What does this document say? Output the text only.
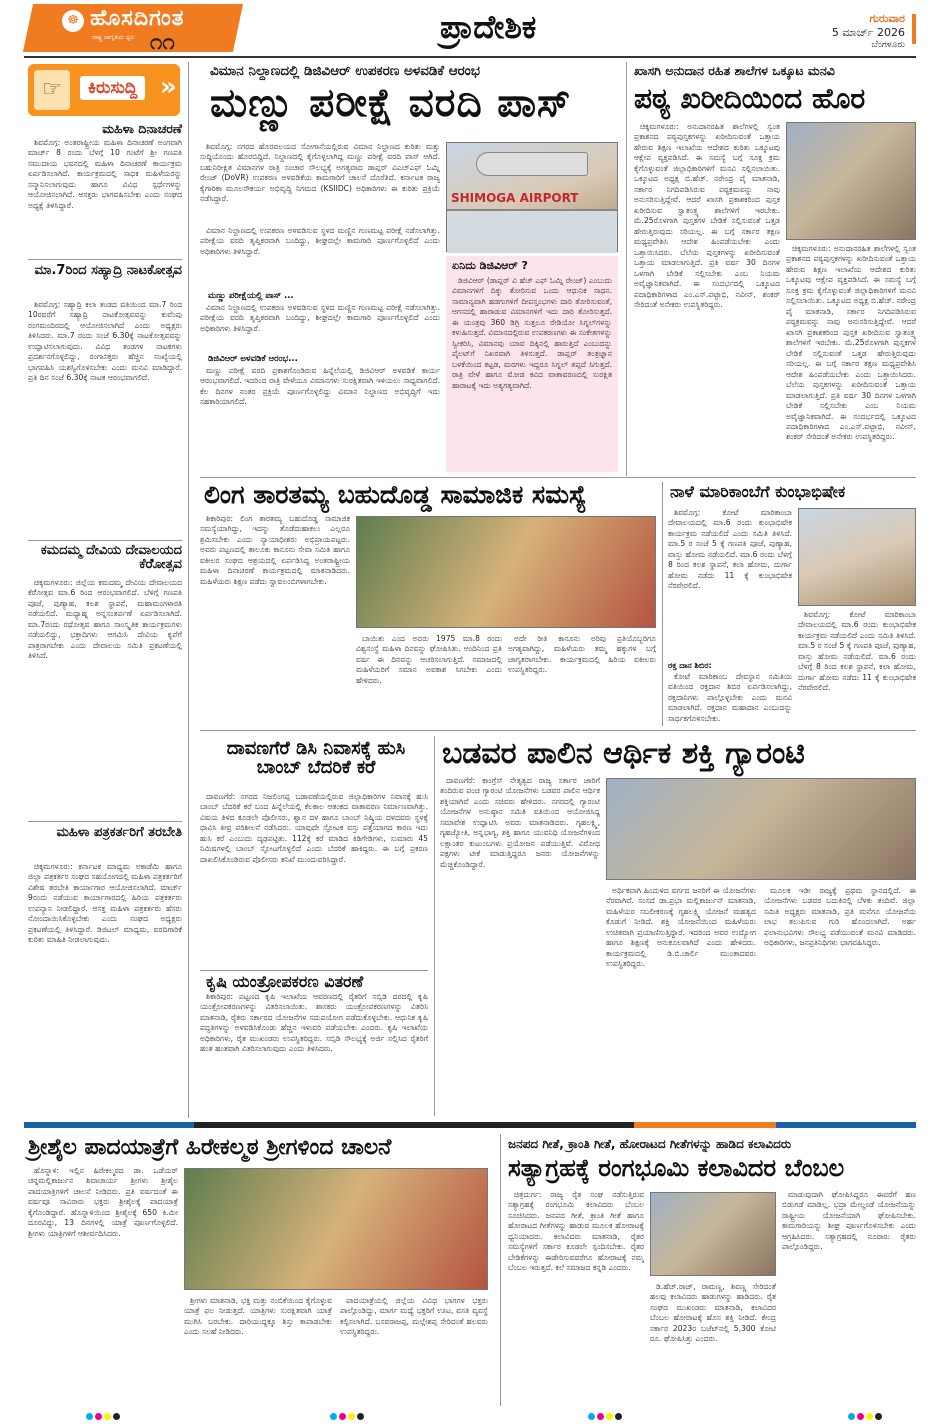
☸ ಹೊಸದಿಗಂತ
ರಾಷ್ಟ್ರ ಜಾಗೃತಿಯ ಧ್ವನಿ ೧೧	ಪ್ರಾದೇಶಿಕ	ಗುರುವಾರ
5 ಮಾರ್ಚ್ 2026
ಬೆಂಗಳೂರು
☞	ಕಿರುಸುದ್ದಿ »
ಮಹಿಳಾ ದಿನಾಚರಣೆ

ಶಿವಮೊಗ್ಗ: ಅಂತರಾಷ್ಟ್ರೀಯ ಮಹಿಳಾ ದಿನಾಚರಣೆ ಅಂಗವಾಗಿ ಮಾರ್ಚ್ 8 ರಂದು ಬೆಳಗ್ಗೆ 10 ಗಂಟೆಗೆ ಶ್ರೀ ಗಣಪತಿ ಸಮುದಾಯ ಭವನದಲ್ಲಿ ಮಹಿಳಾ ದಿನಾಚರಣೆ ಕಾರ್ಯಕ್ರಮ ಏರ್ಪಡಿಸಲಾಗಿದೆ. ಕಾರ್ಯಕ್ರಮದಲ್ಲಿ ಸಾಧಕ ಮಹಿಳೆಯರನ್ನು ಸನ್ಮಾನಿಸಲಾಗುವುದು ಹಾಗೂ ವಿವಿಧ ಸ್ಪರ್ಧೆಗಳನ್ನು ಆಯೋಜಿಸಲಾಗಿದೆ. ಆಸಕ್ತರು ಭಾಗವಹಿಸಬೇಕು ಎಂದು ಸಂಘದ ಅಧ್ಯಕ್ಷೆ ತಿಳಿಸಿದ್ದಾರೆ.

ಮಾ.7ರಿಂದ ಸಹ್ಯಾದ್ರಿ ನಾಟಕೋತ್ಸವ

ಶಿವಮೊಗ್ಗ: ಸಹ್ಯಾದ್ರಿ ಕಲಾ ತಂಡದ ವತಿಯಿಂದ ಮಾ.7 ರಿಂದ 10ರವರೆಗೆ ಸಹ್ಯಾದ್ರಿ ನಾಟಕೋತ್ಸವವನ್ನು ಕುವೆಂಪು ರಂಗಮಂದಿರದಲ್ಲಿ ಆಯೋಜಿಸಲಾಗಿದೆ ಎಂದು ಅಧ್ಯಕ್ಷರು ತಿಳಿಸಿದರು. ಮಾ.7 ರಂದು ಸಂಜೆ 6.30ಕ್ಕೆ ನಾಟಕೋತ್ಸವವನ್ನು ಉದ್ಘಾಟಿಸಲಾಗುವುದು. ವಿವಿಧ ತಂಡಗಳ ನಾಟಕಗಳು ಪ್ರದರ್ಶನಗೊಳ್ಳಲಿದ್ದು, ರಂಗಾಸಕ್ತರು ಹೆಚ್ಚಿನ ಸಂಖ್ಯೆಯಲ್ಲಿ ಭಾಗವಹಿಸಿ ಯಶಸ್ವಿಗೊಳಿಸಬೇಕು ಎಂದು ಮನವಿ ಮಾಡಿದ್ದಾರೆ. ಪ್ರತಿ ದಿನ ಸಂಜೆ 6.30ಕ್ಕೆ ನಾಟಕ ಆರಂಭವಾಗಲಿದೆ.

ಕಮದಮ್ಮ ದೇವಿಯ ದೇವಾಲಯದ ಕೆರೆೋತ್ಸವ

ಚಿಕ್ಕಮಗಳೂರು: ಜಿಲ್ಲೆಯ ಕಮದಮ್ಮ ದೇವಿಯ ದೇವಾಲಯದ ಕೆರೆೋತ್ಸವ ಮಾ.6 ರಿಂದ ಆರಂಭವಾಗಲಿದೆ. ಬೆಳಿಗ್ಗೆ ಗಣಪತಿ ಪೂಜೆ, ಪುಣ್ಯಾಹ, ಕಲಶ ಸ್ಥಾಪನೆ, ಮಹಾಮಂಗಳಾರತಿ ನಡೆಯಲಿದೆ. ಮಧ್ಯಾಹ್ನ ಅನ್ನಸಂತರ್ಪಣೆ ಏರ್ಪಡಿಸಲಾಗಿದೆ. ಮಾ.7ರಂದು ರಥೋತ್ಸವ ಹಾಗೂ ಸಾಂಸ್ಕೃತಿಕ ಕಾರ್ಯಕ್ರಮಗಳು ನಡೆಯಲಿದ್ದು, ಭಕ್ತಾದಿಗಳು ಆಗಮಿಸಿ ದೇವಿಯ ಕೃಪೆಗೆ ಪಾತ್ರರಾಗಬೇಕು ಎಂದು ದೇವಾಲಯ ಸಮಿತಿ ಪ್ರಕಟಣೆಯಲ್ಲಿ ತಿಳಿಸಿದೆ.

ಮಹಿಳಾ ಪತ್ರಕರ್ತರಿಗೆ ತರಬೇತಿ

ಚಿಕ್ಕಮಗಳೂರು: ಕರ್ನಾಟಕ ಮಾಧ್ಯಮ ಅಕಾಡೆಮಿ ಹಾಗೂ ಜಿಲ್ಲಾ ಪತ್ರಕರ್ತರ ಸಂಘದ ಸಹಯೋಗದಲ್ಲಿ ಮಹಿಳಾ ಪತ್ರಕರ್ತರಿಗೆ ವಿಶೇಷ ತರಬೇತಿ ಕಾರ್ಯಾಗಾರ ಆಯೋಜಿಸಲಾಗಿದೆ. ಮಾರ್ಚ್ 9ರಂದು ನಡೆಯುವ ಕಾರ್ಯಾಗಾರದಲ್ಲಿ ಹಿರಿಯ ಪತ್ರಕರ್ತರು ಉಪನ್ಯಾಸ ನೀಡಲಿದ್ದಾರೆ. ಆಸಕ್ತ ಮಹಿಳಾ ಪತ್ರಕರ್ತರು ಹೆಸರು ನೋಂದಾಯಿಸಿಕೊಳ್ಳಬೇಕು ಎಂದು ಸಂಘದ ಅಧ್ಯಕ್ಷರು ಪ್ರಕಟಣೆಯಲ್ಲಿ ತಿಳಿಸಿದ್ದಾರೆ. ಡಿಜಿಟಲ್ ಮಾಧ್ಯಮ, ವರದಿಗಾರಿಕೆ ಕುರಿತು ಮಾಹಿತಿ ನೀಡಲಾಗುವುದು.

ವಿಮಾನ ನಿಲ್ದಾಣದಲ್ಲಿ ಡಿಜಿವಿಆರ್ ಉಪಕರಣ ಅಳವಡಿಕೆ ಆರಂಭ
ಮಣ್ಣು ಪರೀಕ್ಷೆ ವರದಿ ಪಾಸ್

ಶಿವಮೊಗ್ಗ: ನಗರದ ಹೊರವಲಯದ ಸೋಗಾನೆಯಲ್ಲಿರುವ ವಿಮಾನ ನಿಲ್ದಾಣದ ಕುರಿತು ಮತ್ತು ಸುದ್ದಿಯೊಂದು ಹೊರಬಿದ್ದಿದೆ. ನಿಲ್ದಾಣದಲ್ಲಿ ಕೈಗೊಳ್ಳಲಾಗಿದ್ದ ಮಣ್ಣು ಪರೀಕ್ಷೆ ವರದಿ ಪಾಸ್ ಆಗಿದೆ. ಬಹುನಿರೀಕ್ಷಿತ ವಿಮಾನಗಳ ರಾತ್ರಿ ಸಂಚಾರ ಸೌಲಭ್ಯಕ್ಕೆ ಅಗತ್ಯವಾದ ಡಾಪ್ಲರ್ ವಿಎಚ್ಎಫ್ ಓಮ್ನಿ ರೇಂಜ್ (DoVR) ಉಪಕರಣ ಅಳವಡಿಕೆಯ ಕಾಮಗಾರಿಗೆ ಚಾಲನೆ ದೊರೆತಿದೆ. ಕರ್ನಾಟಕ ರಾಜ್ಯ ಕೈಗಾರಿಕಾ ಮೂಲಸೌಕರ್ಯ ಅಭಿವೃದ್ಧಿ ನಿಗಮದ (KSIIDC) ಅಧಿಕಾರಿಗಳು ಈ ಕುರಿತು ಪ್ರಕ್ರಿಯೆ ನಡೆಸಿದ್ದಾರೆ.	SHIMOGA AIRPORT

ವಿಮಾನ ನಿಲ್ದಾಣದಲ್ಲಿ ಉಪಕರಣ ಅಳವಡಿಸುವ ಸ್ಥಳದ ಮಣ್ಣಿನ ಗುಣಮಟ್ಟ ಪರೀಕ್ಷೆ ನಡೆಸಲಾಗಿತ್ತು. ಪರೀಕ್ಷೆಯ ವರದಿ ತೃಪ್ತಿಕರವಾಗಿ ಬಂದಿದ್ದು, ಶೀಘ್ರದಲ್ಲೇ ಕಾಮಗಾರಿ ಪೂರ್ಣಗೊಳ್ಳಲಿದೆ ಎಂದು ಅಧಿಕಾರಿಗಳು ತಿಳಿಸಿದ್ದಾರೆ.

ಮಣ್ಣು ಪರೀಕ್ಷೆಯಲ್ಲಿ ಪಾಸ್ ...

ವಿಮಾನ ನಿಲ್ದಾಣದಲ್ಲಿ ಉಪಕರಣ ಅಳವಡಿಸುವ ಸ್ಥಳದ ಮಣ್ಣಿನ ಗುಣಮಟ್ಟ ಪರೀಕ್ಷೆ ನಡೆಸಲಾಗಿತ್ತು. ಪರೀಕ್ಷೆಯ ವರದಿ ತೃಪ್ತಿಕರವಾಗಿ ಬಂದಿದ್ದು, ಶೀಘ್ರದಲ್ಲೇ ಕಾಮಗಾರಿ ಪೂರ್ಣಗೊಳ್ಳಲಿದೆ ಎಂದು ಅಧಿಕಾರಿಗಳು ತಿಳಿಸಿದ್ದಾರೆ.

ಡಿಜಿವಿಆರ್ ಅಳವಡಿಕೆ ಆರಂಭ...

ಮಣ್ಣು ಪರೀಕ್ಷೆ ವರದಿ ಪ್ರಕಾಶಗೊಂಡಿರುವ ಹಿನ್ನೆಲೆಯಲ್ಲಿ ಡಿಜಿವಿಆರ್ ಅಳವಡಿಕೆ ಕಾರ್ಯ ಆರಂಭವಾಗಲಿದೆ. ಇದರಿಂದ ರಾತ್ರಿ ವೇಳೆಯೂ ವಿಮಾನಗಳು ಸುರಕ್ಷಿತವಾಗಿ ಇಳಿಯಲು ಸಾಧ್ಯವಾಗಲಿದೆ. ಕೆಲ ದಿನಗಳ ನಂತರ ಪ್ರಕ್ರಿಯೆ ಪೂರ್ಣಗೊಳ್ಳಲಿದ್ದು ವಿಮಾನ ನಿಲ್ದಾಣದ ಅಭಿವೃದ್ಧಿಗೆ ಇದು ಸಹಕಾರಿಯಾಗಲಿದೆ.

ಏನಿದು ಡಿಜಿವಿಆರ್ ?

ಡಿಜಿವಿಆರ್ (ಡಾಪ್ಲರ್ ವಿ ಹೆಚ್ ಎಫ್ ಓಮ್ನಿ ರೇಂಜ್) ಎಂಬುದು ವಿಮಾನಗಳಿಗೆ ದಿಕ್ಕು ತೋರಿಸುವ ಒಂದು ಆಧುನಿಕ ಸಾಧನ. ಸಾಮಾನ್ಯವಾಗಿ ಹಡಗುಗಳಿಗೆ ದೀಪಸ್ತಂಭಗಳು ದಾರಿ ತೋರಿಸುವಂತೆ, ಆಗಸದಲ್ಲಿ ಹಾರಾಡುವ ವಿಮಾನಗಳಿಗೆ ಇದು ದಾರಿ ತೋರಿಸುತ್ತದೆ. ಈ ಯಂತ್ರವು 360 ಡಿಗ್ರಿ ಸುತ್ತಲೂ ರೇಡಿಯೋ ಸಿಗ್ನಲ್‌ಗಳನ್ನು ಕಳುಹಿಸುತ್ತದೆ. ವಿಮಾನದಲ್ಲಿರುವ ಉಪಕರಣಗಳು ಈ ಸಂಕೇತಗಳನ್ನು ಸ್ವೀಕರಿಸಿ, ವಿಮಾನವು ಯಾವ ದಿಕ್ಕಿನಲ್ಲಿ ಹಾರುತ್ತಿದೆ ಎಂಬುದನ್ನು ಪೈಲಟ್‌ಗೆ ನಿಖರವಾಗಿ ತಿಳಿಸುತ್ತದೆ. ಡಾಪ್ಲರ್ ತಂತ್ರಜ್ಞಾನ ಬಳಕೆಯಿಂದ ಕಟ್ಟಡ, ಮರಗಳು ಇದ್ದರೂ ಸಿಗ್ನಲ್ ತಪ್ಪದೆ ಸಿಗುತ್ತದೆ. ರಾತ್ರಿ ವೇಳೆ ಹಾಗೂ ಮೋಡ ಕವಿದ ವಾತಾವರಣದಲ್ಲಿ ಸುರಕ್ಷಿತ ಹಾರಾಟಕ್ಕೆ ಇದು ಅತ್ಯಗತ್ಯವಾಗಿದೆ.

ಖಾಸಗಿ ಅನುದಾನ ರಹಿತ ಶಾಲೆಗಳ ಒಕ್ಕೂಟ ಮನವಿ
ಪಠ್ಯ ಖರೀದಿಯಿಂದ ಹೊರ

ಚಿಕ್ಕಮಗಳೂರು: ಅನುದಾನರಹಿತ ಶಾಲೆಗಳಲ್ಲಿ ಸ್ವಂತ ಪ್ರಕಾಶನದ ಪಠ್ಯಪುಸ್ತಕಗಳನ್ನು ಖರೀದಿಸುವಂತೆ ಒತ್ತಾಯ ಹೇರುವ ಶಿಕ್ಷಣ ಇಲಾಖೆಯ ಆದೇಶದ ಕುರಿತು ಒಕ್ಕೂಟವು ಆಕ್ಷೇಪ ವ್ಯಕ್ತಪಡಿಸಿದೆ. ಈ ಸಮಸ್ಯೆ ಬಗ್ಗೆ ಸೂಕ್ತ ಕ್ರಮ ಕೈಗೊಳ್ಳುವಂತೆ ಜಿಲ್ಲಾಧಿಕಾರಿಗಳಿಗೆ ಮನವಿ ಸಲ್ಲಿಸಲಾಯಿತು. ಒಕ್ಕೂಟದ ಅಧ್ಯಕ್ಷ ಬಿ.ಹೆಚ್. ನರೇಂದ್ರ ಪೈ ಮಾತನಾಡಿ, ಸರ್ಕಾರ ನಿಗದಿಪಡಿಸಿರುವ ಪಠ್ಯಕ್ರಮವನ್ನು ನಾವು ಅನುಸರಿಸುತ್ತಿದ್ದೇವೆ. ಆದರೆ ಖಾಸಗಿ ಪ್ರಕಾಶಕರಿಂದ ಪುಸ್ತಕ ಖರೀದಿಸುವ ಸ್ವಾತಂತ್ರ್ಯ ಶಾಲೆಗಳಿಗೆ ಇರಬೇಕು. ಮೆ.25ರೊಳಗಾಗಿ ಪುಸ್ತಕಗಳ ಬೇಡಿಕೆ ಸಲ್ಲಿಸುವಂತೆ ಒತ್ತಡ ಹೇರುತ್ತಿರುವುದು ಸರಿಯಲ್ಲ. ಈ ಬಗ್ಗೆ ಸರ್ಕಾರ ತಕ್ಷಣ ಮಧ್ಯಪ್ರವೇಶಿಸಿ ಆದೇಶ ಹಿಂಪಡೆಯಬೇಕು ಎಂದು ಒತ್ತಾಯಿಸಿದರು. ಬೆಲೆಯ ಪುಸ್ತಕಗಳನ್ನು ಖರೀದಿಸುವಂತೆ ಒತ್ತಾಯ ಮಾಡಲಾಗುತ್ತಿದೆ. ಪ್ರತಿ ವರ್ಷ 30 ದಿನಗಳ ಒಳಗಾಗಿ ಬೇಡಿಕೆ ಸಲ್ಲಿಸಬೇಕು ಎಂಬ ನಿಯಮ ಅವೈಜ್ಞಾನಿಕವಾಗಿದೆ. ಈ ಸಂದರ್ಭದಲ್ಲಿ ಒಕ್ಕೂಟದ ಪದಾಧಿಕಾರಿಗಳಾದ ಎಂ.ಎಸ್.ಪಟ್ಟಾಭಿ, ನವೀನ್, ಶಂಕರ್ ಸೇರಿದಂತೆ ಅನೇಕರು ಉಪಸ್ಥಿತರಿದ್ದರು.

ಚಿಕ್ಕಮಗಳೂರು: ಅನುದಾನರಹಿತ ಶಾಲೆಗಳಲ್ಲಿ ಸ್ವಂತ ಪ್ರಕಾಶನದ ಪಠ್ಯಪುಸ್ತಕಗಳನ್ನು ಖರೀದಿಸುವಂತೆ ಒತ್ತಾಯ ಹೇರುವ ಶಿಕ್ಷಣ ಇಲಾಖೆಯ ಆದೇಶದ ಕುರಿತು ಒಕ್ಕೂಟವು ಆಕ್ಷೇಪ ವ್ಯಕ್ತಪಡಿಸಿದೆ. ಈ ಸಮಸ್ಯೆ ಬಗ್ಗೆ ಸೂಕ್ತ ಕ್ರಮ ಕೈಗೊಳ್ಳುವಂತೆ ಜಿಲ್ಲಾಧಿಕಾರಿಗಳಿಗೆ ಮನವಿ ಸಲ್ಲಿಸಲಾಯಿತು. ಒಕ್ಕೂಟದ ಅಧ್ಯಕ್ಷ ಬಿ.ಹೆಚ್. ನರೇಂದ್ರ ಪೈ ಮಾತನಾಡಿ, ಸರ್ಕಾರ ನಿಗದಿಪಡಿಸಿರುವ ಪಠ್ಯಕ್ರಮವನ್ನು ನಾವು ಅನುಸರಿಸುತ್ತಿದ್ದೇವೆ. ಆದರೆ ಖಾಸಗಿ ಪ್ರಕಾಶಕರಿಂದ ಪುಸ್ತಕ ಖರೀದಿಸುವ ಸ್ವಾತಂತ್ರ್ಯ ಶಾಲೆಗಳಿಗೆ ಇರಬೇಕು. ಮೆ.25ರೊಳಗಾಗಿ ಪುಸ್ತಕಗಳ ಬೇಡಿಕೆ ಸಲ್ಲಿಸುವಂತೆ ಒತ್ತಡ ಹೇರುತ್ತಿರುವುದು ಸರಿಯಲ್ಲ. ಈ ಬಗ್ಗೆ ಸರ್ಕಾರ ತಕ್ಷಣ ಮಧ್ಯಪ್ರವೇಶಿಸಿ ಆದೇಶ ಹಿಂಪಡೆಯಬೇಕು ಎಂದು ಒತ್ತಾಯಿಸಿದರು. ಬೆಲೆಯ ಪುಸ್ತಕಗಳನ್ನು ಖರೀದಿಸುವಂತೆ ಒತ್ತಾಯ ಮಾಡಲಾಗುತ್ತಿದೆ. ಪ್ರತಿ ವರ್ಷ 30 ದಿನಗಳ ಒಳಗಾಗಿ ಬೇಡಿಕೆ ಸಲ್ಲಿಸಬೇಕು ಎಂಬ ನಿಯಮ ಅವೈಜ್ಞಾನಿಕವಾಗಿದೆ. ಈ ಸಂದರ್ಭದಲ್ಲಿ ಒಕ್ಕೂಟದ ಪದಾಧಿಕಾರಿಗಳಾದ ಎಂ.ಎಸ್.ಪಟ್ಟಾಭಿ, ನವೀನ್, ಶಂಕರ್ ಸೇರಿದಂತೆ ಅನೇಕರು ಉಪಸ್ಥಿತರಿದ್ದರು.

ಲಿಂಗ ತಾರತಮ್ಯ ಬಹುದೊಡ್ಡ ಸಾಮಾಜಿಕ ಸಮಸ್ಯೆ

ಶಿಕಾರಿಪುರ: ಲಿಂಗ ತಾರತಮ್ಯ ಬಹುದೊಡ್ಡ ಸಾಮಾಜಿಕ ಸಮಸ್ಯೆಯಾಗಿದ್ದು, ಇದನ್ನು ತೊಡೆದುಹಾಕಲು ಎಲ್ಲರೂ ಶ್ರಮಿಸಬೇಕು ಎಂದು ನ್ಯಾಯಾಧೀಶರು ಅಭಿಪ್ರಾಯಪಟ್ಟರು. ಅವರು ಪಟ್ಟಣದಲ್ಲಿ ತಾಲೂಕು ಕಾನೂನು ಸೇವಾ ಸಮಿತಿ ಹಾಗೂ ವಕೀಲರ ಸಂಘದ ಆಶ್ರಯದಲ್ಲಿ ಏರ್ಪಡಿಸಿದ್ದ ಅಂತರಾಷ್ಟ್ರೀಯ ಮಹಿಳಾ ದಿನಾಚರಣೆ ಕಾರ್ಯಕ್ರಮದಲ್ಲಿ ಮಾತನಾಡಿದರು. ಮಹಿಳೆಯರು ಶಿಕ್ಷಣ ಪಡೆದು ಸ್ವಾವಲಂಬಿಗಳಾಗಬೇಕು.

ಬಾಯಿತು ಎಂದ ಅವರು 1975 ಮಾ.8 ರಂದು ವಿಶ್ವಸಂಸ್ಥೆ ಮಹಿಳಾ ದಿನವನ್ನು ಘೋಷಿಸಿತು. ಅಂದಿನಿಂದ ಪ್ರತಿ ವರ್ಷ ಈ ದಿನವನ್ನು ಆಚರಿಸಲಾಗುತ್ತಿದೆ. ಸಮಾಜದಲ್ಲಿ ಮಹಿಳೆಯರಿಗೆ ಸಮಾನ ಅವಕಾಶ ಸಿಗಬೇಕು ಎಂದು ಹೇಳಿದರು.

ಅದೇ ರೀತಿ ಕಾನೂನು ಅರಿವು ಪ್ರತಿಯೊಬ್ಬರಿಗೂ ಅಗತ್ಯವಾಗಿದ್ದು, ಮಹಿಳೆಯರು ತಮ್ಮ ಹಕ್ಕುಗಳ ಬಗ್ಗೆ ಜಾಗೃತರಾಗಬೇಕು. ಕಾರ್ಯಕ್ರಮದಲ್ಲಿ ಹಿರಿಯ ವಕೀಲರು ಉಪಸ್ಥಿತರಿದ್ದರು.

ನಾಳೆ ಮಾರಿಕಾಂಬೆಗೆ ಕುಂಭಾಭಿಷೇಕ

ಶಿವಮೊಗ್ಗ: ಕೋಟೆ ಮಾರಿಕಾಂಬಾ ದೇವಾಲಯದಲ್ಲಿ ಮಾ.6 ರಂದು ಕುಂಭಾಭಿಷೇಕ ಕಾರ್ಯಕ್ರಮ ನಡೆಯಲಿದೆ ಎಂದು ಸಮಿತಿ ತಿಳಿಸಿದೆ. ಮಾ.5 ರ ಸಂಜೆ 5 ಕ್ಕೆ ಗಣಪತಿ ಪೂಜೆ, ಪುಣ್ಯಾಹ, ವಾಸ್ತು ಹೋಮ ನಡೆಯಲಿದೆ. ಮಾ.6 ರಂದು ಬೆಳಗ್ಗೆ 8 ರಿಂದ ಕಲಶ ಸ್ಥಾಪನೆ, ಕಲಾ ಹೋಮ, ದುರ್ಗಾ ಹೋಮ ನಡೆದು 11 ಕ್ಕೆ ಕುಂಭಾಭಿಷೇಕ ನೆರವೇರಲಿದೆ.

ಶಿವಮೊಗ್ಗ: ಕೋಟೆ ಮಾರಿಕಾಂಬಾ ದೇವಾಲಯದಲ್ಲಿ ಮಾ.6 ರಂದು ಕುಂಭಾಭಿಷೇಕ ಕಾರ್ಯಕ್ರಮ ನಡೆಯಲಿದೆ ಎಂದು ಸಮಿತಿ ತಿಳಿಸಿದೆ. ಮಾ.5 ರ ಸಂಜೆ 5 ಕ್ಕೆ ಗಣಪತಿ ಪೂಜೆ, ಪುಣ್ಯಾಹ, ವಾಸ್ತು ಹೋಮ ನಡೆಯಲಿದೆ. ಮಾ.6 ರಂದು ಬೆಳಗ್ಗೆ 8 ರಿಂದ ಕಲಶ ಸ್ಥಾಪನೆ, ಕಲಾ ಹೋಮ, ದುರ್ಗಾ ಹೋಮ ನಡೆದು 11 ಕ್ಕೆ ಕುಂಭಾಭಿಷೇಕ ನೆರವೇರಲಿದೆ.

ರಕ್ತ ದಾನ ಶಿಬಿರ:

ಕೋಟೆ ಮಾರಿಕಾಂಬ ದೇವಸ್ಥಾನ ಸಮಿತಿಯ ವತಿಯಿಂದ ರಕ್ತದಾನ ಶಿಬಿರ ಏರ್ಪಡಿಸಲಾಗಿದ್ದು, ರಕ್ತದಾನಿಗಳು ಪಾಲ್ಗೊಳ್ಳಬೇಕು ಎಂದು ಮನವಿ ಮಾಡಲಾಗಿದೆ. ರಕ್ತದಾನ ಮಹಾದಾನ ಎಂಬುದನ್ನು ಸಾರ್ಥಕಗೊಳಿಸಬೇಕು.

ದಾವಣಗೆರೆ ಡಿಸಿ ನಿವಾಸಕ್ಕೆ ಹುಸಿ ಬಾಂಬ್ ಬೆದರಿಕೆ ಕರೆ

ದಾವಣಗೆರೆ: ನಗರದ ನಿಜಲಿಂಗಪ್ಪ ಬಡಾವಣೆಯಲ್ಲಿರುವ ಜಿಲ್ಲಾಧಿಕಾರಿಗಳ ನಿವಾಸಕ್ಕೆ ಹುಸಿ ಬಾಂಬ್ ಬೆದರಿಕೆ ಕರೆ ಬಂದ ಹಿನ್ನೆಲೆಯಲ್ಲಿ ಕೆಲಕಾಲ ಆತಂಕದ ವಾತಾವರಣ ನಿರ್ಮಾಣವಾಗಿತ್ತು. ವಿಷಯ ತಿಳಿದ ಕೂಡಲೇ ಪೊಲೀಸರು, ಶ್ವಾನ ದಳ ಹಾಗೂ ಬಾಂಬ್ ನಿಷ್ಕ್ರಿಯ ದಳದವರು ಸ್ಥಳಕ್ಕೆ ಧಾವಿಸಿ ತೀವ್ರ ಪರಿಶೀಲನೆ ನಡೆಸಿದರು. ಯಾವುದೇ ಸ್ಫೋಟಕ ವಸ್ತು ಪತ್ತೆಯಾಗದ ಕಾರಣ ಇದು ಹುಸಿ ಕರೆ ಎಂಬುದು ದೃಢಪಟ್ಟಿತು. 112ಕ್ಕೆ ಕರೆ ಮಾಡಿದ ಕಿಡಿಗೇಡಿಗಳು, ಸುಮಾರು 45 ನಿಮಿಷಗಳಲ್ಲಿ ಬಾಂಬ್ ಸ್ಫೋಟಗೊಳ್ಳಲಿದೆ ಎಂದು ಬೆದರಿಕೆ ಹಾಕಿದ್ದರು. ಈ ಬಗ್ಗೆ ಪ್ರಕರಣ ದಾಖಲಿಸಿಕೊಂಡಿರುವ ಪೊಲೀಸರು ತನಿಖೆ ಮುಂದುವರಿಸಿದ್ದಾರೆ.

ಕೃಷಿ ಯಂತ್ರೋಪಕರಣ ವಿತರಣೆ

ಶಿಕಾರಿಪುರ: ಪಟ್ಟಣದ ಕೃಷಿ ಇಲಾಖೆಯ ಆವರಣದಲ್ಲಿ ರೈತರಿಗೆ ಸಬ್ಸಿಡಿ ದರದಲ್ಲಿ ಕೃಷಿ ಯಂತ್ರೋಪಕರಣಗಳನ್ನು ವಿತರಿಸಲಾಯಿತು. ಶಾಸಕರು ಯಂತ್ರೋಪಕರಣಗಳನ್ನು ವಿತರಿಸಿ ಮಾತನಾಡಿ, ರೈತರು ಸರ್ಕಾರದ ಯೋಜನೆಗಳ ಸದುಪಯೋಗ ಪಡೆದುಕೊಳ್ಳಬೇಕು. ಆಧುನಿಕ ಕೃಷಿ ಪದ್ಧತಿಗಳನ್ನು ಅಳವಡಿಸಿಕೊಂಡು ಹೆಚ್ಚಿನ ಇಳುವರಿ ಪಡೆಯಬೇಕು ಎಂದರು. ಕೃಷಿ ಇಲಾಖೆಯ ಅಧಿಕಾರಿಗಳು, ರೈತ ಮುಖಂಡರು ಉಪಸ್ಥಿತರಿದ್ದರು. ಸಬ್ಸಿಡಿ ಸೌಲಭ್ಯಕ್ಕೆ ಅರ್ಜಿ ಸಲ್ಲಿಸಿದ ರೈತರಿಗೆ ಹಂತ ಹಂತವಾಗಿ ವಿತರಿಸಲಾಗುವುದು ಎಂದು ತಿಳಿಸಿದರು.

ಬಡವರ ಪಾಲಿನ ಆರ್ಥಿಕ ಶಕ್ತಿ ಗ್ಯಾರಂಟಿ

ದಾವಣಗೆರೆ: ಕಾಂಗ್ರೆಸ್ ನೇತೃತ್ವದ ರಾಜ್ಯ ಸರ್ಕಾರ ಜಾರಿಗೆ ತಂದಿರುವ ಪಂಚ ಗ್ಯಾರಂಟಿ ಯೋಜನೆಗಳು ಬಡವರ ಪಾಲಿನ ಆರ್ಥಿಕ ಶಕ್ತಿಯಾಗಿವೆ ಎಂದು ಸಚಿವರು ಹೇಳಿದರು. ನಗರದಲ್ಲಿ ಗ್ಯಾರಂಟಿ ಯೋಜನೆಗಳ ಅನುಷ್ಠಾನ ಸಮಿತಿ ವತಿಯಿಂದ ಆಯೋಜಿಸಿದ್ದ ಸಮಾವೇಶ ಉದ್ಘಾಟಿಸಿ ಅವರು ಮಾತನಾಡಿದರು. ಗೃಹಲಕ್ಷ್ಮಿ, ಗೃಹಜ್ಯೋತಿ, ಅನ್ನಭಾಗ್ಯ, ಶಕ್ತಿ ಹಾಗೂ ಯುವನಿಧಿ ಯೋಜನೆಗಳಿಂದ ಲಕ್ಷಾಂತರ ಕುಟುಂಬಗಳು ಪ್ರಯೋಜನ ಪಡೆಯುತ್ತಿವೆ. ವಿರೋಧ ಪಕ್ಷಗಳು ಟೀಕೆ ಮಾಡುತ್ತಿದ್ದರೂ ಜನರು ಯೋಜನೆಗಳನ್ನು ಮೆಚ್ಚಿಕೊಂಡಿದ್ದಾರೆ.

ಅರ್ಥಿಕವಾಗಿ ಹಿಂದುಳಿದ ವರ್ಗದ ಜನರಿಗೆ ಈ ಯೋಜನೆಗಳು ನೆರವಾಗಿವೆ. ಸಂಸದೆ ಡಾ.ಪ್ರಭಾ ಮಲ್ಲಿಕಾರ್ಜುನ್ ಮಾತನಾಡಿ, ಮಹಿಳೆಯರ ಸಬಲೀಕರಣಕ್ಕೆ ಗೃಹಲಕ್ಷ್ಮಿ ಯೋಜನೆ ಮಹತ್ವದ ಕೊಡುಗೆ ನೀಡಿದೆ. ಶಕ್ತಿ ಯೋಜನೆಯಿಂದ ಮಹಿಳೆಯರು ಉಚಿತವಾಗಿ ಪ್ರಯಾಣಿಸುತ್ತಿದ್ದಾರೆ. ಇದರಿಂದ ಅವರ ಉದ್ಯೋಗ ಹಾಗೂ ಶಿಕ್ಷಣಕ್ಕೆ ಅನುಕೂಲವಾಗಿದೆ ಎಂದು ಹೇಳಿದರು. ಕಾರ್ಯಕ್ರಮದಲ್ಲಿ ಡಿ.ಬಿ.ಚಾರ್ಲಿ ಮುಂತಾದವರು ಉಪಸ್ಥಿತರಿದ್ದರು.

ಮೂಲಕ ಇಡೀ ರಾಜ್ಯಕ್ಕೆ ಪ್ರಥಮ ಸ್ಥಾನದಲ್ಲಿದೆ. ಈ ಯೋಜನೆಗಳು ಬಡವರ ಬದುಕಿನಲ್ಲಿ ಬೆಳಕು ತಂದಿವೆ. ಜಿಲ್ಲಾ ಸಮಿತಿ ಅಧ್ಯಕ್ಷರು ಮಾತನಾಡಿ, ಪ್ರತಿ ಮನೆಗೂ ಯೋಜನೆಯ ಲಾಭ ತಲುಪಿಸುವ ಗುರಿ ಹೊಂದಲಾಗಿದೆ. ಅರ್ಹ ಫಲಾನುಭವಿಗಳು ಸೌಲಭ್ಯ ಪಡೆಯುವಂತೆ ಮನವಿ ಮಾಡಿದರು. ಅಧಿಕಾರಿಗಳು, ಜನಪ್ರತಿನಿಧಿಗಳು ಭಾಗವಹಿಸಿದ್ದರು.

ಶ್ರೀಶೈಲ ಪಾದಯಾತ್ರೆಗೆ ಹಿರೇಕಲ್ಮಠ ಶ್ರೀಗಳಿಂದ ಚಾಲನೆ

ಹೊನ್ನಾಳಿ: ಇಲ್ಲಿನ ಹಿರೇಕಲ್ಮಠದ ಡಾ. ಒಡೆಯರ್ ಚನ್ನಮಲ್ಲಿಕಾರ್ಜುನ ಶಿವಾಚಾರ್ಯ ಶ್ರೀಗಳು ಶ್ರೀಶೈಲ ಪಾದಯಾತ್ರಿಗಳಿಗೆ ಚಾಲನೆ ನೀಡಿದರು. ಪ್ರತಿ ವರ್ಷದಂತೆ ಈ ವರ್ಷವೂ ಸಾವಿರಾರು ಭಕ್ತರು ಶ್ರೀಶೈಲಕ್ಕೆ ಪಾದಯಾತ್ರೆ ಕೈಗೊಂಡಿದ್ದಾರೆ. ಹೊನ್ನಾಳಿಯಿಂದ ಶ್ರೀಶೈಲಕ್ಕೆ 650 ಕಿ.ಮೀ ದೂರವಿದ್ದು, 13 ದಿನಗಳಲ್ಲಿ ಯಾತ್ರೆ ಪೂರ್ಣಗೊಳ್ಳಲಿದೆ. ಶ್ರೀಗಳು ಯಾತ್ರಿಗಳಿಗೆ ಆಶೀರ್ವದಿಸಿದರು.

ಶ್ರೀಗಳು ಮಾತನಾಡಿ, ಭಕ್ತಿ ಮತ್ತು ನಂಬಿಕೆಯಿಂದ ಕೈಗೊಳ್ಳುವ ಯಾತ್ರೆ ಫಲ ನೀಡುತ್ತದೆ. ಯಾತ್ರಿಗಳು ಸುರಕ್ಷಿತವಾಗಿ ಯಾತ್ರೆ ಮುಗಿಸಿ ಬರಬೇಕು. ದಾರಿಯುದ್ದಕ್ಕೂ ಶಿಸ್ತು ಕಾಪಾಡಬೇಕು ಎಂದು ಸಲಹೆ ನೀಡಿದರು.

ಪಾದಯಾತ್ರೆಯಲ್ಲಿ ಜಿಲ್ಲೆಯ ವಿವಿಧ ಭಾಗಗಳ ಭಕ್ತರು ಪಾಲ್ಗೊಂಡಿದ್ದು, ಮಾರ್ಗ ಮಧ್ಯೆ ಭಕ್ತರಿಗೆ ಊಟ, ವಸತಿ ವ್ಯವಸ್ಥೆ ಕಲ್ಪಿಸಲಾಗಿದೆ. ಬಸವರಾಜಪ್ಪ, ಮಲ್ಲೇಶಪ್ಪ ಸೇರಿದಂತೆ ಹಲವರು ಉಪಸ್ಥಿತರಿದ್ದರು.

ಜನಪದ ಗೀತೆ, ಕ್ರಾಂತಿ ಗೀತೆ, ಹೋರಾಟದ ಗೀತೆಗಳನ್ನು ಹಾಡಿದ ಕಲಾವಿದರು
ಸತ್ಯಾಗ್ರಹಕ್ಕೆ ರಂಗಭೂಮಿ ಕಲಾವಿದರ ಬೆಂಬಲ

ಚಿತ್ರದುರ್ಗ: ರಾಜ್ಯ ರೈತ ಸಂಘ ನಡೆಸುತ್ತಿರುವ ಸತ್ಯಾಗ್ರಹಕ್ಕೆ ರಂಗಭೂಮಿ ಕಲಾವಿದರು ಬೆಂಬಲ ಸೂಚಿಸಿದರು. ಜನಪದ ಗೀತೆ, ಕ್ರಾಂತಿ ಗೀತೆ ಹಾಗೂ ಹೋರಾಟದ ಗೀತೆಗಳನ್ನು ಹಾಡುವ ಮೂಲಕ ಹೋರಾಟಕ್ಕೆ ಧ್ವನಿಯಾದರು. ಕಲಾವಿದರು ಮಾತನಾಡಿ, ರೈತರ ಸಮಸ್ಯೆಗಳಿಗೆ ಸರ್ಕಾರ ಕೂಡಲೇ ಸ್ಪಂದಿಸಬೇಕು. ರೈತರ ಬೇಡಿಕೆಗಳನ್ನು ಈಡೇರಿಸುವವರೆಗೂ ಹೋರಾಟಕ್ಕೆ ನಮ್ಮ ಬೆಂಬಲ ಇರುತ್ತದೆ. ಕಲೆ ಸಮಾಜದ ಕನ್ನಡಿ ಎಂದರು.

ಡಿ.ಹೆಚ್.ರಾಜ್, ರಾಮಣ್ಣ, ಶಿವಣ್ಣ ಸೇರಿದಂತೆ ಹಲವು ಕಲಾವಿದರು ಹಾಡುಗಳನ್ನು ಹಾಡಿದರು. ರೈತ ಸಂಘದ ಮುಖಂಡರು ಮಾತನಾಡಿ, ಕಲಾವಿದರ ಬೆಂಬಲ ಹೋರಾಟಕ್ಕೆ ಹೊಸ ಶಕ್ತಿ ನೀಡಿದೆ. ಕೇಂದ್ರ ಸರ್ಕಾರ 2023ರ ಬಜೆಟ್‌ನಲ್ಲಿ 5,300 ಕೋಟಿ ರೂ. ಘೋಷಿಸಿತ್ತು ಎಂದರು.

ಮಾಡುವುದಾಗಿ ಘೋಷಿಸಿದ್ದರೂ ಈವರೆಗೆ ಹಣ ಬಿಡುಗಡೆ ಮಾಡಿಲ್ಲ. ಭದ್ರಾ ಮೇಲ್ದಂಡೆ ಯೋಜನೆಯನ್ನು ರಾಷ್ಟ್ರೀಯ ಯೋಜನೆಯಾಗಿ ಘೋಷಿಸಬೇಕು. ಕಾಮಗಾರಿಯನ್ನು ಶೀಘ್ರ ಪೂರ್ಣಗೊಳಿಸಬೇಕು ಎಂದು ಆಗ್ರಹಿಸಿದರು. ಸತ್ಯಾಗ್ರಹದಲ್ಲಿ ನೂರಾರು ರೈತರು ಪಾಲ್ಗೊಂಡಿದ್ದರು.
